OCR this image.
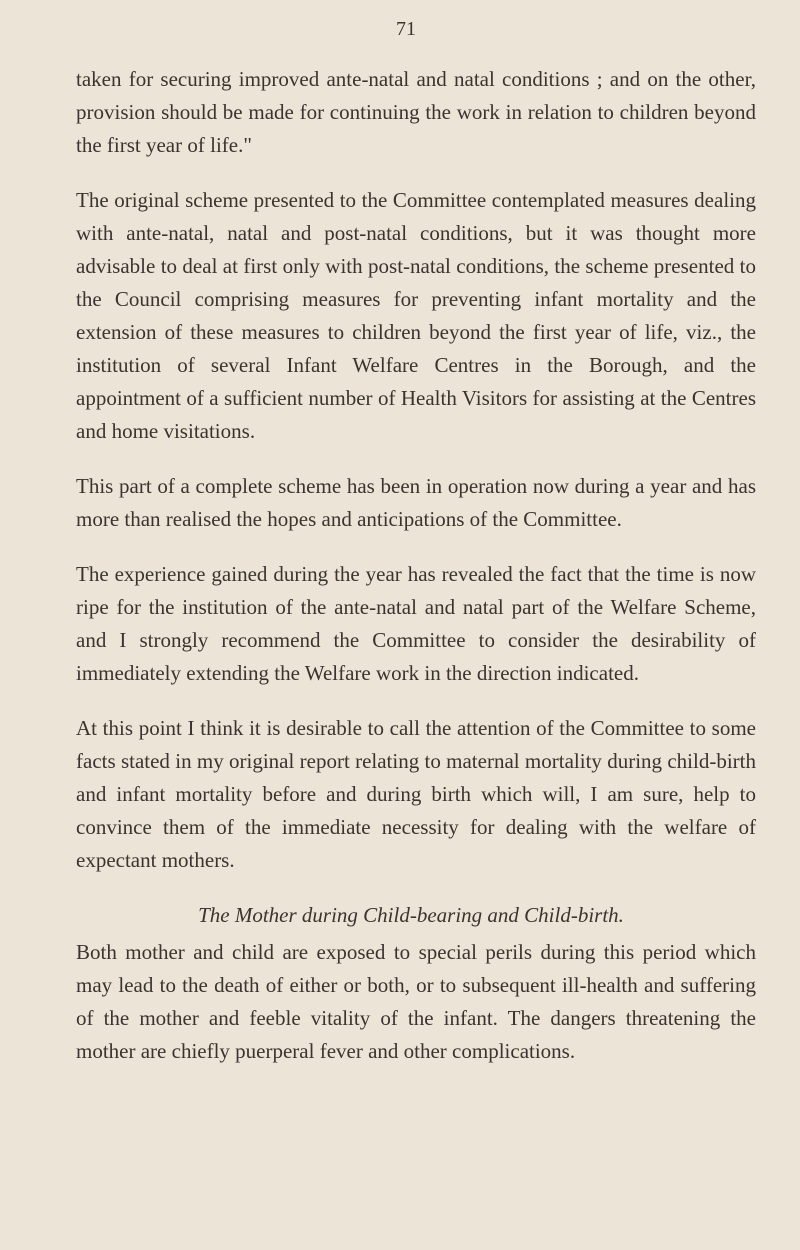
71

taken for securing improved ante-natal and natal conditions ; and on the other, provision should be made for continuing the work in relation to children beyond the first year of life."

The original scheme presented to the Committee contemplated measures dealing with ante-natal, natal and post-natal conditions, but it was thought more advisable to deal at first only with post-natal conditions, the scheme presented to the Council comprising measures for preventing infant mortality and the extension of these measures to children beyond the first year of life, viz., the institution of several Infant Welfare Centres in the Borough, and the appointment of a sufficient number of Health Visitors for assisting at the Centres and home visitations.

This part of a complete scheme has been in operation now during a year and has more than realised the hopes and anticipations of the Committee.

The experience gained during the year has revealed the fact that the time is now ripe for the institution of the ante-natal and natal part of the Welfare Scheme, and I strongly recommend the Committee to consider the desirability of immediately extending the Welfare work in the direction indicated.

At this point I think it is desirable to call the attention of the Committee to some facts stated in my original report relating to maternal mortality during child-birth and infant mortality before and during birth which will, I am sure, help to convince them of the immediate necessity for dealing with the welfare of expectant mothers.

The Mother during Child-bearing and Child-birth.

Both mother and child are exposed to special perils during this period which may lead to the death of either or both, or to subsequent ill-health and suffering of the mother and feeble vitality of the infant. The dangers threatening the mother are chiefly puerperal fever and other complications.
